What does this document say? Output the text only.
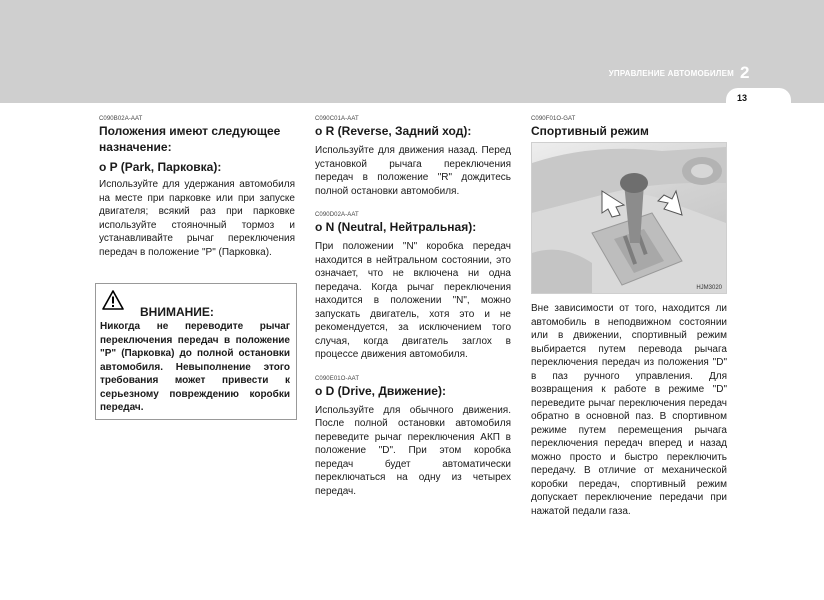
УПРАВЛЕНИЕ АВТОМОБИЛЕМ 2
13
C090B02A-AAT
Положения имеют следующее назначение:
o P (Park, Парковка):
Используйте для удержания автомобиля на месте при парковке или при запуске двигателя; всякий раз при парковке используйте стояночный тормоз и устанавливайте рычаг переключения передач в положение "P" (Парковка).
ВНИМАНИЕ:
Никогда не переводите рычаг переключения передач в положение "P" (Парковка) до полной остановки автомобиля. Невыполнение этого требования может привести к серьезному повреждению коробки передач.
C090C01A-AAT
o R (Reverse, Задний ход):
Используйте для движения назад. Перед установкой рычага переключения передач в положение "R" дождитесь полной остановки автомобиля.
C090D02A-AAT
o N (Neutral, Нейтральная):
При положении "N" коробка передач находится в нейтральном состоянии, это означает, что не включена ни одна передача. Когда рычаг переключения находится в положении "N", можно запускать двигатель, хотя это и не рекомендуется, за исключением того случая, когда двигатель заглох в процессе движения автомобиля.
C090E01O-AAT
o D (Drive, Движение):
Используйте для обычного движения. После полной остановки автомобиля переведите рычаг переключения АКП в положение "D". При этом коробка передач будет автоматически переключаться на одну из четырех передач.
C090F01O-GAT
Спортивный режим
HJM3020
Вне зависимости от того, находится ли автомобиль в неподвижном состоянии или в движении, спортивный режим выбирается путем перевода рычага переключения передач из положения "D" в паз ручного управления. Для возвращения к работе в режиме "D" переведите рычаг переключения передач обратно в основной паз. В спортивном режиме путем перемещения рычага переключения передач вперед и назад можно просто и быстро переключить передачу. В отличие от механической коробки передач, спортивный режим допускает переключение передачи при нажатой педали газа.
